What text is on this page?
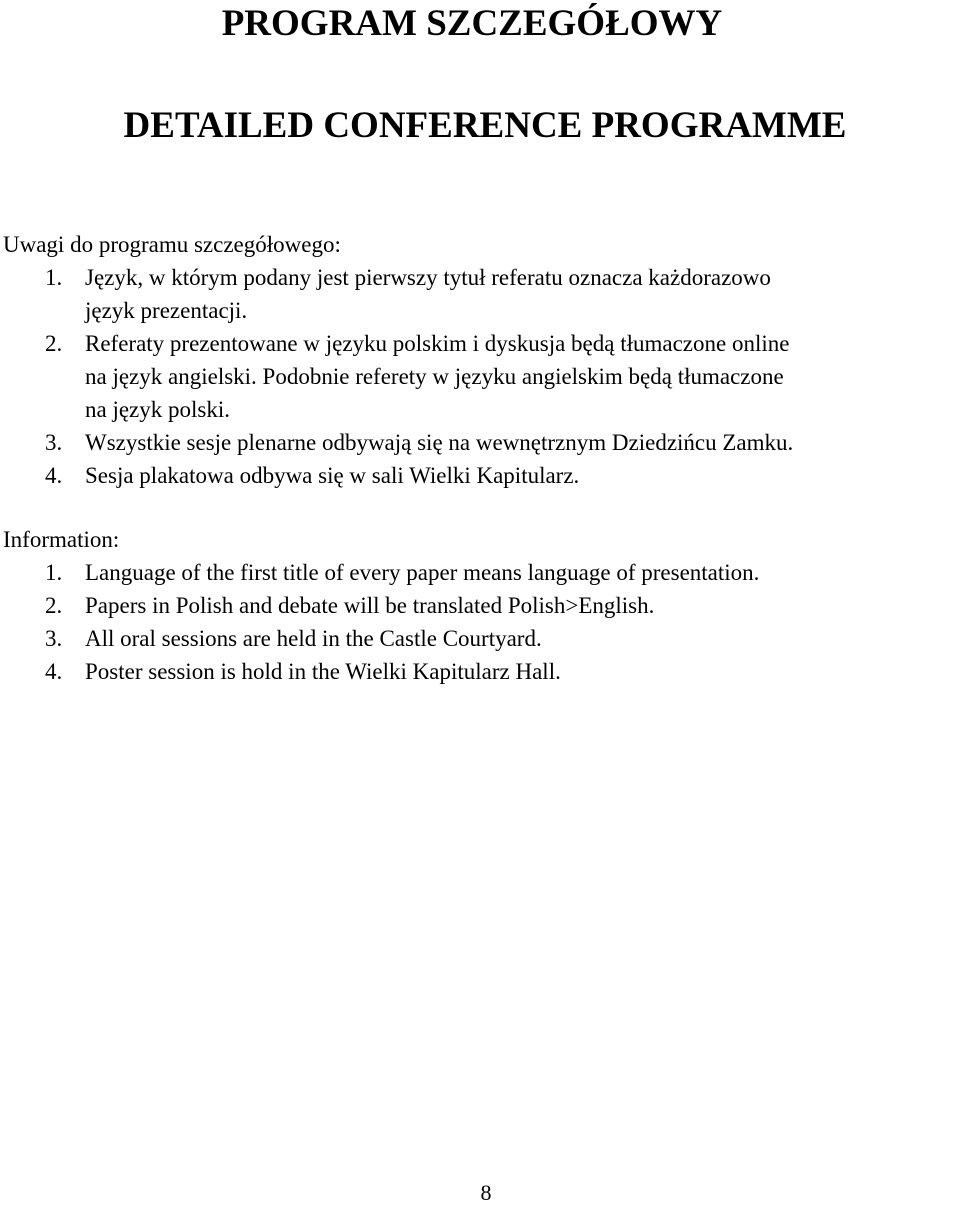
PROGRAM SZCZEGÓŁOWY
DETAILED CONFERENCE PROGRAMME

Uwagi do programu szczegółowego:

1. Język, w którym podany jest pierwszy tytuł referatu oznacza każdorazowo
język prezentacji.
2. Referaty prezentowane w języku polskim i dyskusja będą tłumaczone online
na język angielski. Podobnie referety w języku angielskim będą tłumaczone
na język polski.
3. Wszystkie sesje plenarne odbywają się na wewnętrznym Dziedzińcu Zamku.
4. Sesja plakatowa odbywa się w sali Wielki Kapitularz.

Information:

1. Language of the first title of every paper means language of presentation.
2. Papers in Polish and debate will be translated Polish>English.
3. All oral sessions are held in the Castle Courtyard.
4. Poster session is hold in the Wielki Kapitularz Hall.
8
